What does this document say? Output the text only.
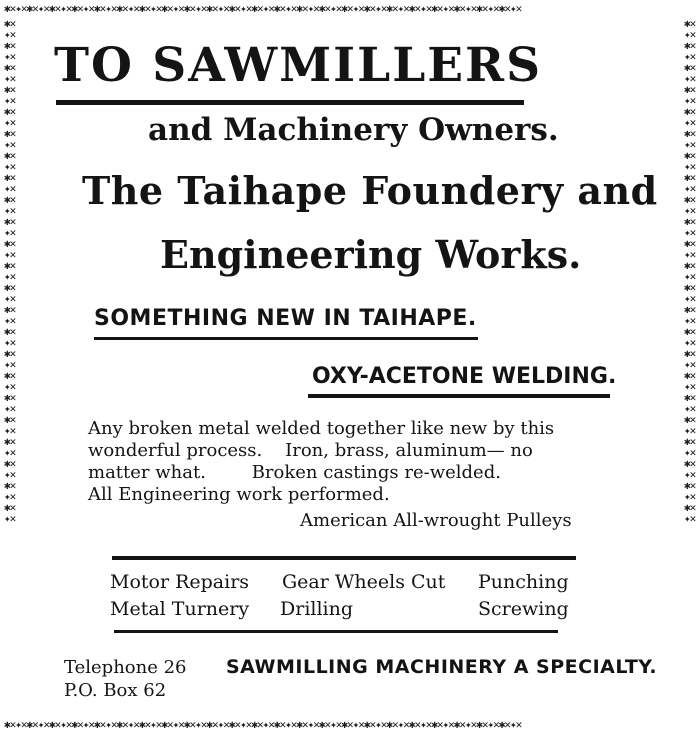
✱✕✦✕✱✕✦✕✱✕✦✕✱✕✦✕✱✕✦✕✱✕✦✕✱✕✦✕✱✕✦✕✱✕✦✕✱✕✦✕✱✕✦✕✱✕✦✕✱✕✦✕✱✕✦✕✱✕✦✕✱✕✦✕✱✕✦✕✱✕✦✕✱✕✦✕✱✕✦✕✱✕✦✕✱✕✦✕✱✕✦✕
✱✕✦✕✱✕✦✕✱✕✦✕✱✕✦✕✱✕✦✕✱✕✦✕✱✕✦✕✱✕✦✕✱✕✦✕✱✕✦✕✱✕✦✕✱✕✦✕✱✕✦✕✱✕✦✕✱✕✦✕✱✕✦✕✱✕✦✕✱✕✦✕✱✕✦✕✱✕✦✕✱✕✦✕✱✕✦✕✱✕✦✕
✱✕✦✕✱✕✦✕✱✕✦✕✱✕✦✕✱✕✦✕✱✕✦✕✱✕✦✕✱✕✦✕✱✕✦✕✱✕✦✕✱✕✦✕✱✕✦✕✱✕✦✕✱✕✦✕✱✕✦✕✱✕✦✕✱✕✦✕✱✕✦✕✱✕✦✕✱✕✦✕✱✕✦✕✱✕✦✕✱✕✦✕
✱✕✦✕✱✕✦✕✱✕✦✕✱✕✦✕✱✕✦✕✱✕✦✕✱✕✦✕✱✕✦✕✱✕✦✕✱✕✦✕✱✕✦✕✱✕✦✕✱✕✦✕✱✕✦✕✱✕✦✕✱✕✦✕✱✕✦✕✱✕✦✕✱✕✦✕✱✕✦✕✱✕✦✕✱✕✦✕✱✕✦✕
TO SAWMILLERS
and Machinery Owners.
The Taihape Foundery and
Engineering Works.
SOMETHING NEW IN TAIHAPE.
OXY-ACETONE WELDING.
Any broken metal welded together like new by this
wonderful process.    Iron, brass, aluminum— no
matter what.        Broken castings re-welded.
All Engineering work performed.
American All-wrought Pulleys
Motor Repairs Gear Wheels Cut Punching
Metal Turnery Drilling	Screwing
Telephone 26
P.O. Box 62
SAWMILLING MACHINERY A SPECIALTY.
